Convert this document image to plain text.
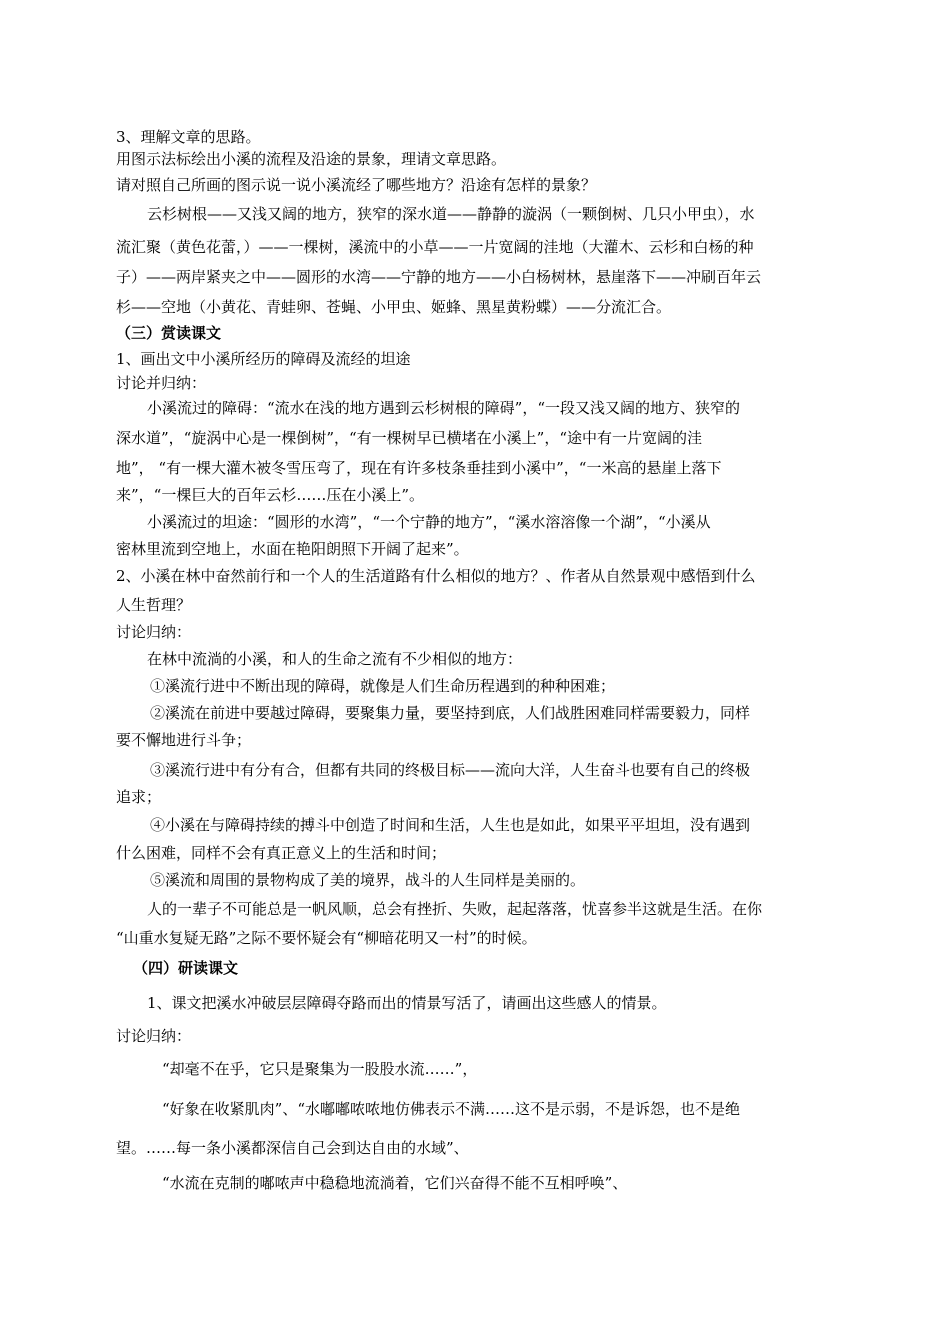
3、理解文章的思路。
用图示法标绘出小溪的流程及沿途的景象，理请文章思路。
请对照自己所画的图示说一说小溪流经了哪些地方？沿途有怎样的景象？
云杉树根——又浅又阔的地方，狭窄的深水道——静静的漩涡（一颗倒树、几只小甲虫），水
流汇聚（黄色花蕾，）——一棵树，溪流中的小草——一片宽阔的洼地（大灌木、云杉和白杨的种
子）——两岸紧夹之中——圆形的水湾——宁静的地方——小白杨树林，悬崖落下——冲刷百年云
杉——空地（小黄花、青蛙卵、苍蝇、小甲虫、姬蜂、黑星黄粉蝶）——分流汇合。
（三）赏读课文
1、画出文中小溪所经历的障碍及流经的坦途
讨论并归纳：
小溪流过的障碍：“流水在浅的地方遇到云杉树根的障碍”，“一段又浅又阔的地方、狭窄的
深水道”，“旋涡中心是一棵倒树”，“有一棵树早已横堵在小溪上”，“途中有一片宽阔的洼
地”， “有一棵大灌木被冬雪压弯了，现在有许多枝条垂挂到小溪中”，“一米高的悬崖上落下
来”，“一棵巨大的百年云杉……压在小溪上”。
小溪流过的坦途：“圆形的水湾”，“一个宁静的地方”，“溪水溶溶像一个湖”，“小溪从
密林里流到空地上，水面在艳阳朗照下开阔了起来”。
2、小溪在林中奋然前行和一个人的生活道路有什么相似的地方？、作者从自然景观中感悟到什么
人生哲理？
讨论归纳：
在林中流淌的小溪，和人的生命之流有不少相似的地方：
①溪流行进中不断出现的障碍，就像是人们生命历程遇到的种种困难；
②溪流在前进中要越过障碍，要聚集力量，要坚持到底，人们战胜困难同样需要毅力，同样
要不懈地进行斗争；
③溪流行进中有分有合，但都有共同的终极目标——流向大洋，人生奋斗也要有自己的终极
追求；
④小溪在与障碍持续的搏斗中创造了时间和生活，人生也是如此，如果平平坦坦，没有遇到
什么困难，同样不会有真正意义上的生活和时间；
⑤溪流和周围的景物构成了美的境界，战斗的人生同样是美丽的。
人的一辈子不可能总是一帆风顺，总会有挫折、失败，起起落落，忧喜参半这就是生活。在你
“山重水复疑无路”之际不要怀疑会有“柳暗花明又一村”的时候。
（四）研读课文
1、课文把溪水冲破层层障碍夺路而出的情景写活了，请画出这些感人的情景。
讨论归纳：
“却毫不在乎，它只是聚集为一股股水流……”，
“好象在收紧肌肉”、“水嘟嘟哝哝地仿佛表示不满……这不是示弱，不是诉怨，也不是绝
望。……每一条小溪都深信自己会到达自由的水域”、
“水流在克制的嘟哝声中稳稳地流淌着，它们兴奋得不能不互相呼唤”、
